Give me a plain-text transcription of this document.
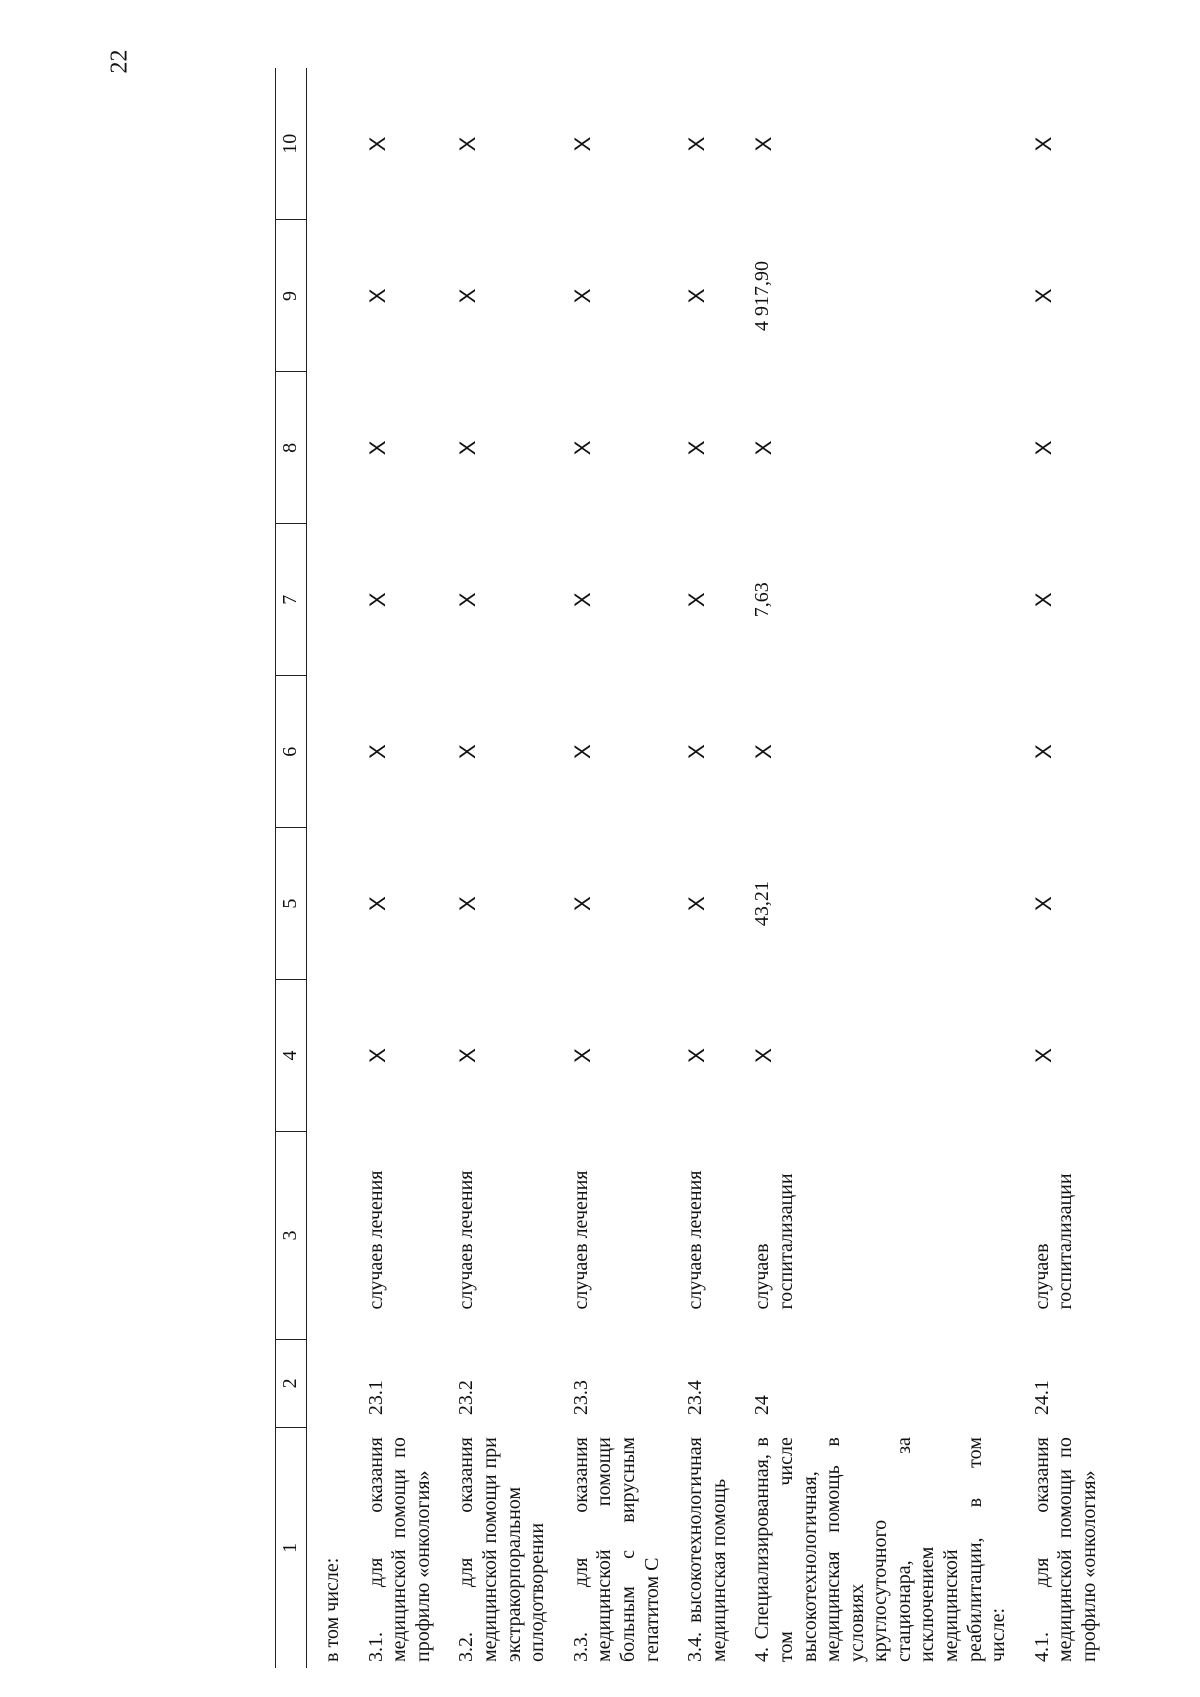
22
1	2	3	4	5	6	7	8	9	10
в том числе:									
3.1. для оказания медицинской помощи по профилю «онкология»	23.1	случаев лечения	Х	Х	Х	Х	Х	Х	Х
3.2. для оказания медицинской помощи при экстракорпоральном оплодотворении	23.2	случаев лечения	Х	Х	Х	Х	Х	Х	Х
3.3. для оказания медицинской помощи больным с вирусным гепатитом С	23.3	случаев лечения	Х	Х	Х	Х	Х	Х	Х
3.4. высокотехнологичная медицинская помощь	23.4	случаев лечения	Х	Х	Х	Х	Х	Х	Х
4. Специализированная, в том числе высокотехнологичная, медицинская помощь в условиях круглосуточного стационара, за исключением медицинской реабилитации, в том числе:	24	случаев госпитализации	Х	43,21	Х	7,63	Х	4 917,90	Х
4.1. для оказания медицинской помощи по профилю «онкология»	24.1	случаев госпитализации	Х	Х	Х	Х	Х	Х	Х
